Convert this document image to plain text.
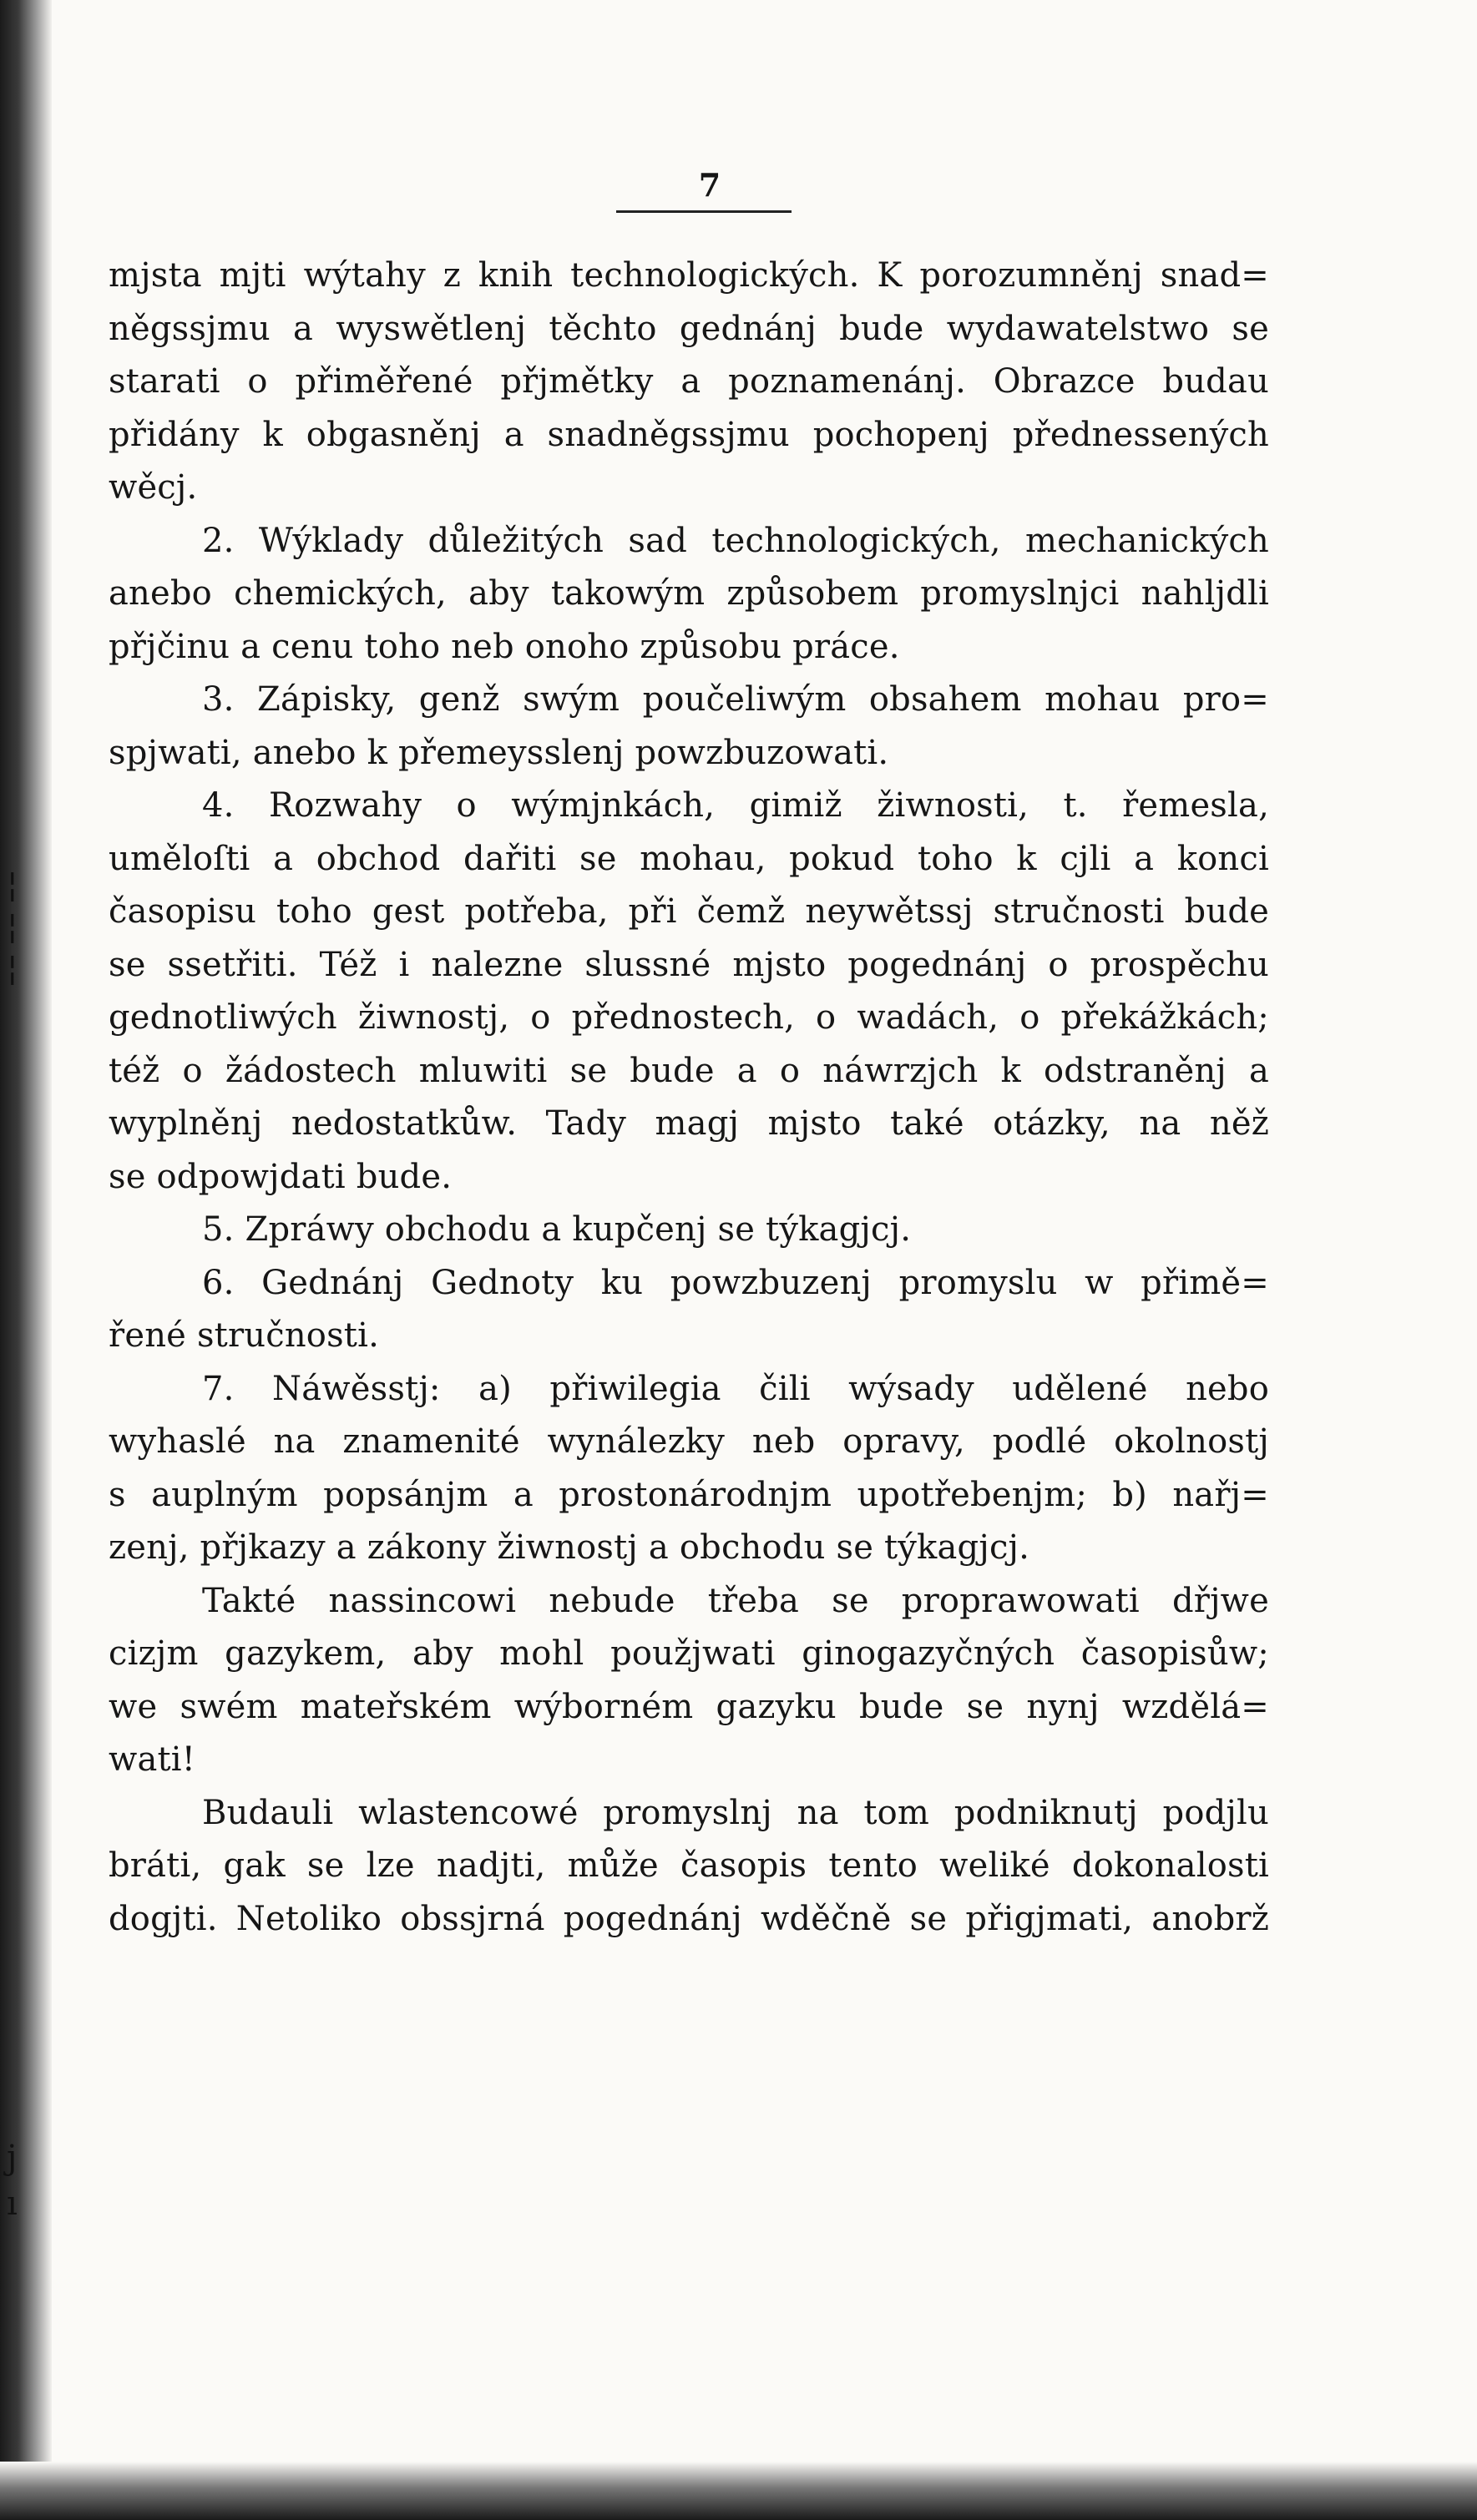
¦
¦
¦
j
ı
7
mjsta mjti wýtahy z knih technologických. K porozumněnj snad=
něgssjmu a wyswětlenj těchto gednánj bude wydawatelstwo se
starati o přiměřené přjmětky a poznamenánj. Obrazce budau
přidány k obgasněnj a snadněgssjmu pochopenj přednessených
wěcj.
2. Wýklady důležitých sad technologických, mechanických
anebo chemických, aby takowým způsobem promyslnjci nahljdli
přjčinu a cenu toho neb onoho způsobu práce.
3. Zápisky, genž swým poučeliwým obsahem mohau pro=
spjwati, anebo k přemeysslenj powzbuzowati.
4. Rozwahy o wýmjnkách, gimiž žiwnosti, t. řemesla,
uměloſti a obchod dařiti se mohau, pokud toho k cjli a konci
časopisu toho gest potřeba, při čemž neywětssj stručnosti bude
se ssetřiti. Též i nalezne slussné mjsto pogednánj o prospěchu
gednotliwých žiwnostj, o přednostech, o wadách, o překážkách;
též o žádostech mluwiti se bude a o náwrzjch k odstraněnj a
wyplněnj nedostatkůw. Tady magj mjsto také otázky, na něž
se odpowjdati bude.
5. Zpráwy obchodu a kupčenj se týkagjcj.
6. Gednánj Gednoty ku powzbuzenj promyslu w přimě=
řené stručnosti.
7. Náwěsstj: a) přiwilegia čili wýsady udělené nebo
wyhaslé na znamenité wynálezky neb opravy, podlé okolnostj
s auplným popsánjm a prostonárodnjm upotřebenjm; b) nařj=
zenj, přjkazy a zákony žiwnostj a obchodu se týkagjcj.
Takté nassincowi nebude třeba se proprawowati dřjwe
cizjm gazykem, aby mohl použjwati ginogazyčných časopisůw;
we swém mateřském wýborném gazyku bude se nynj wzdělá=
wati!
Budauli wlastencowé promyslnj na tom podniknutj podjlu
bráti, gak se lze nadjti, může časopis tento weliké dokonalosti
dogjti. Netoliko obssjrná pogednánj wděčně se přigjmati, anobrž
